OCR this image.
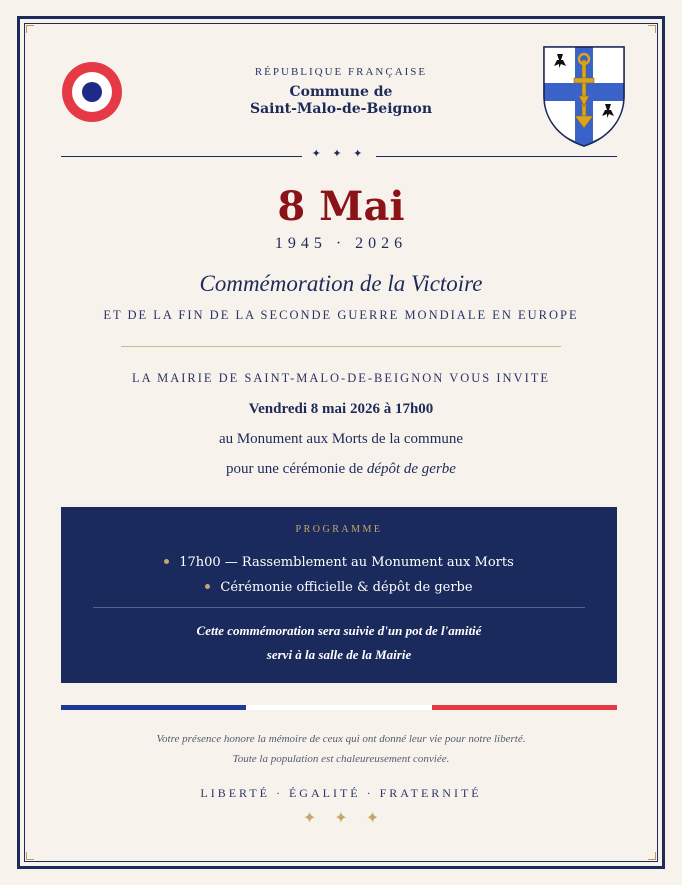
RÉPUBLIQUE FRANÇAISE
Commune de
Saint-Malo-de-Beignon
✦ ✦ ✦
8 Mai
1945 · 2026
Commémoration de la Victoire
ET DE LA FIN DE LA SECONDE GUERRE MONDIALE EN EUROPE
LA MAIRIE DE SAINT-MALO-DE-BEIGNON VOUS INVITE
Vendredi 8 mai 2026 à 17h00
au Monument aux Morts de la commune
pour une cérémonie de dépôt de gerbe
PROGRAMME
17h00 — Rassemblement au Monument aux Morts
Cérémonie officielle & dépôt de gerbe
Cette commémoration sera suivie d'un pot de l'amitié
servi à la salle de la Mairie
Votre présence honore la mémoire de ceux qui ont donné leur vie pour notre liberté.
Toute la population est chaleureusement conviée.
LIBERTÉ · ÉGALITÉ · FRATERNITÉ
✦✦✦
